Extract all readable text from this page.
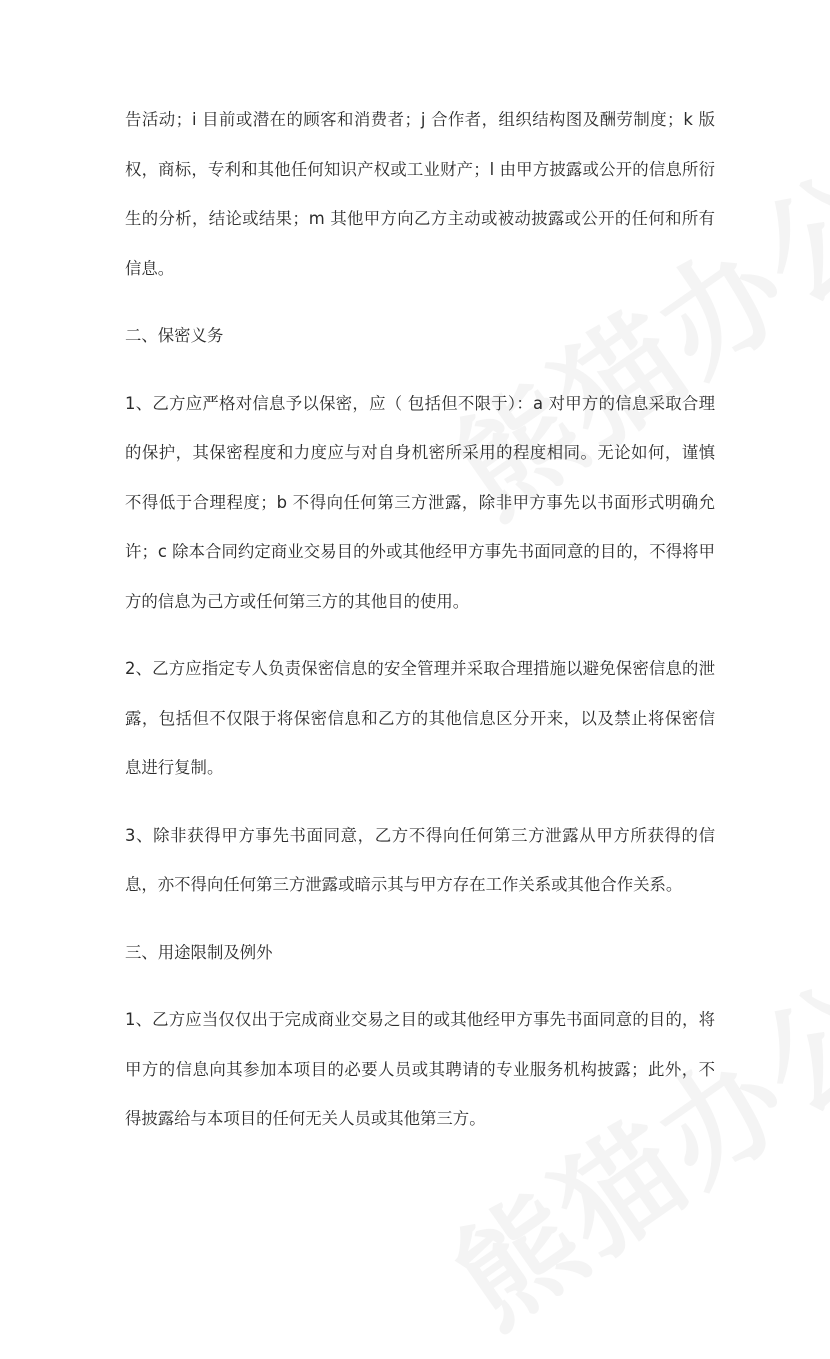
告活动；i 目前或潜在的顾客和消费者；j 合作者，组织结构图及酬劳制度；k 版权，商标，专利和其他任何知识产权或工业财产；l 由甲方披露或公开的信息所衍生的分析，结论或结果；m 其他甲方向乙方主动或被动披露或公开的任何和所有信息。

二、保密义务

1、乙方应严格对信息予以保密，应（ 包括但不限于）：a 对甲方的信息采取合理的保护，其保密程度和力度应与对自身机密所采用的程度相同。无论如何，谨慎不得低于合理程度；b 不得向任何第三方泄露，除非甲方事先以书面形式明确允许；c 除本合同约定商业交易目的外或其他经甲方事先书面同意的目的，不得将甲方的信息为己方或任何第三方的其他目的使用。

2、乙方应指定专人负责保密信息的安全管理并采取合理措施以避免保密信息的泄露，包括但不仅限于将保密信息和乙方的其他信息区分开来，以及禁止将保密信息进行复制。

3、除非获得甲方事先书面同意，乙方不得向任何第三方泄露从甲方所获得的信息，亦不得向任何第三方泄露或暗示其与甲方存在工作关系或其他合作关系。

三、用途限制及例外

1、乙方应当仅仅出于完成商业交易之目的或其他经甲方事先书面同意的目的，将甲方的信息向其参加本项目的必要人员或其聘请的专业服务机构披露；此外，不得披露给与本项目的任何无关人员或其他第三方。
